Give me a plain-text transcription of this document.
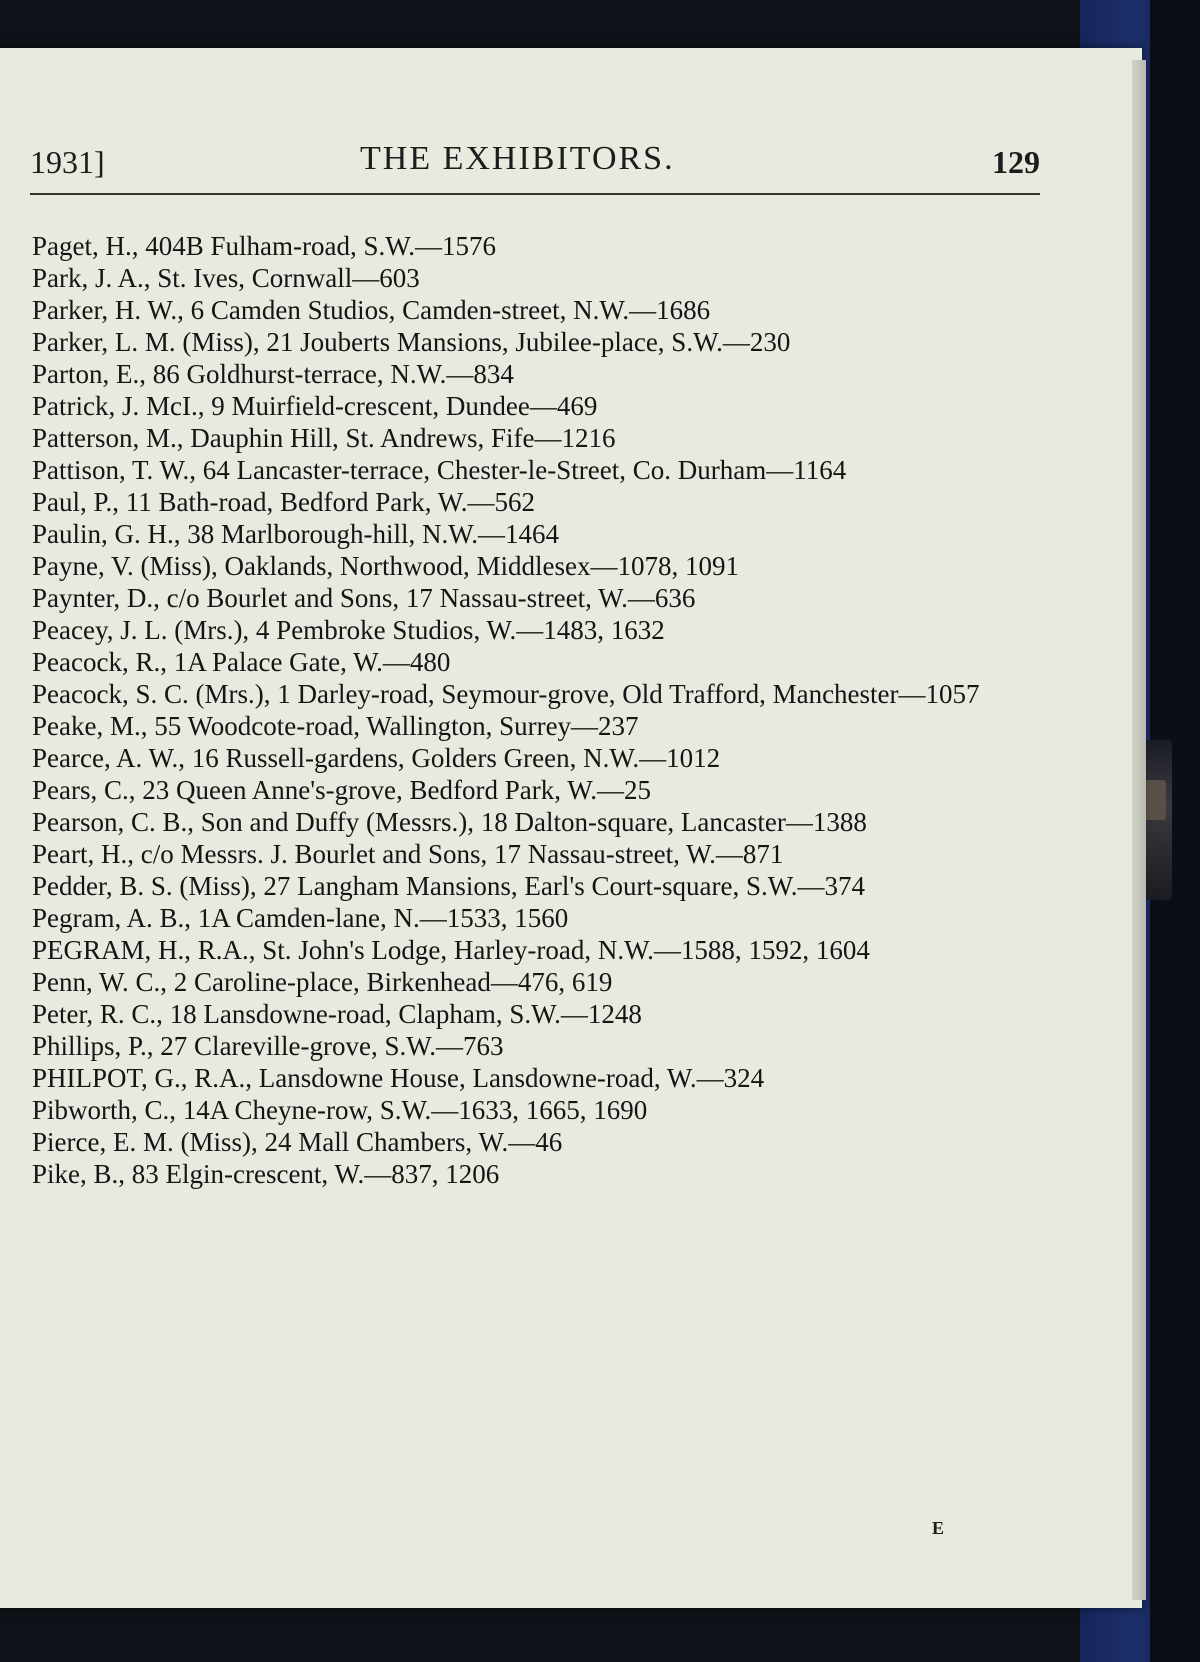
1931]	THE EXHIBITORS.	129
Paget, H., 404B Fulham-road, S.W.—1576
Park, J. A., St. Ives, Cornwall—603
Parker, H. W., 6 Camden Studios, Camden-street, N.W.—1686
Parker, L. M. (Miss), 21 Jouberts Mansions, Jubilee-place, S.W.—230
Parton, E., 86 Goldhurst-terrace, N.W.—834
Patrick, J. McI., 9 Muirfield-crescent, Dundee—469
Patterson, M., Dauphin Hill, St. Andrews, Fife—1216
Pattison, T. W., 64 Lancaster-terrace, Chester-le-Street, Co. Durham—1164
Paul, P., 11 Bath-road, Bedford Park, W.—562
Paulin, G. H., 38 Marlborough-hill, N.W.—1464
Payne, V. (Miss), Oaklands, Northwood, Middlesex—1078, 1091
Paynter, D., c/o Bourlet and Sons, 17 Nassau-street, W.—636
Peacey, J. L. (Mrs.), 4 Pembroke Studios, W.—1483, 1632
Peacock, R., 1A Palace Gate, W.—480
Peacock, S. C. (Mrs.), 1 Darley-road, Seymour-grove, Old Trafford, Manchester—1057
Peake, M., 55 Woodcote-road, Wallington, Surrey—237
Pearce, A. W., 16 Russell-gardens, Golders Green, N.W.—1012
Pears, C., 23 Queen Anne's-grove, Bedford Park, W.—25
Pearson, C. B., Son and Duffy (Messrs.), 18 Dalton-square, Lancaster—1388
Peart, H., c/o Messrs. J. Bourlet and Sons, 17 Nassau-street, W.—871
Pedder, B. S. (Miss), 27 Langham Mansions, Earl's Court-square, S.W.—374
Pegram, A. B., 1A Camden-lane, N.—1533, 1560
PEGRAM, H., R.A., St. John's Lodge, Harley-road, N.W.—1588, 1592, 1604
Penn, W. C., 2 Caroline-place, Birkenhead—476, 619
Peter, R. C., 18 Lansdowne-road, Clapham, S.W.—1248
Phillips, P., 27 Clareville-grove, S.W.—763
PHILPOT, G., R.A., Lansdowne House, Lansdowne-road, W.—324
Pibworth, C., 14A Cheyne-row, S.W.—1633, 1665, 1690
Pierce, E. M. (Miss), 24 Mall Chambers, W.—46
Pike, B., 83 Elgin-crescent, W.—837, 1206
E
